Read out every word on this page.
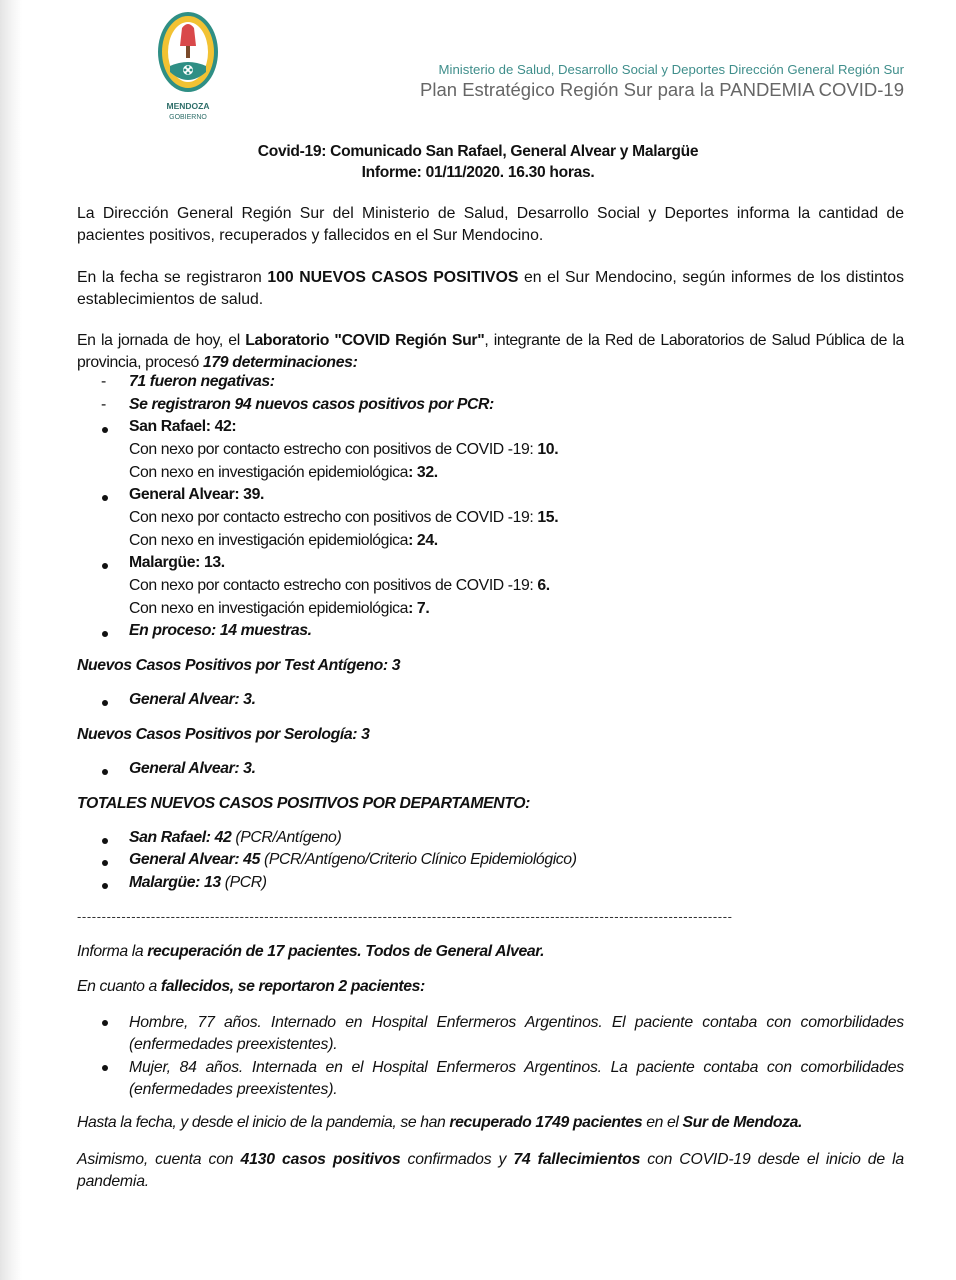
MENDOZA
GOBIERNO
Ministerio de Salud, Desarrollo Social y Deportes Dirección General Región Sur
Plan Estratégico Región Sur para la PANDEMIA COVID-19
Covid-19: Comunicado San Rafael, General Alvear y Malargüe
Informe: 01/11/2020. 16.30 horas.
La Dirección General Región Sur del Ministerio de Salud, Desarrollo Social y Deportes informa la cantidad de pacientes positivos, recuperados y fallecidos en el Sur Mendocino.
En la fecha se registraron 100 NUEVOS CASOS POSITIVOS en el Sur Mendocino, según informes de los distintos establecimientos de salud.
En la jornada de hoy, el Laboratorio "COVID Región Sur", integrante de la Red de Laboratorios de Salud Pública de la provincia, procesó 179 determinaciones:
- 71 fueron negativas:
- Se registraron 94 nuevos casos positivos por PCR:
San Rafael: 42:
Con nexo por contacto estrecho con positivos de COVID -19: 10.
Con nexo en investigación epidemiológica: 32.
General Alvear: 39.
Con nexo por contacto estrecho con positivos de COVID -19: 15.
Con nexo en investigación epidemiológica: 24.
Malargüe: 13.
Con nexo por contacto estrecho con positivos de COVID -19: 6.
Con nexo en investigación epidemiológica: 7.
En proceso: 14 muestras.
Nuevos Casos Positivos por Test Antígeno: 3
General Alvear: 3.
Nuevos Casos Positivos por Serología: 3
General Alvear: 3.
TOTALES NUEVOS CASOS POSITIVOS POR DEPARTAMENTO:
San Rafael: 42 (PCR/Antígeno)
General Alvear: 45 (PCR/Antígeno/Criterio Clínico Epidemiológico)
Malargüe: 13 (PCR)
-------------------------------------------------------------------------------------------------------------------------------------
Informa la recuperación de 17 pacientes. Todos de General Alvear.
En cuanto a fallecidos, se reportaron 2 pacientes:
Hombre, 77 años. Internado en Hospital Enfermeros Argentinos. El paciente contaba con comorbilidades (enfermedades preexistentes).
Mujer, 84 años. Internada en el Hospital Enfermeros Argentinos. La paciente contaba con comorbilidades (enfermedades preexistentes).
Hasta la fecha, y desde el inicio de la pandemia, se han recuperado 1749 pacientes en el Sur de Mendoza.
Asimismo, cuenta con 4130 casos positivos confirmados y 74 fallecimientos con COVID-19 desde el inicio de la pandemia.
